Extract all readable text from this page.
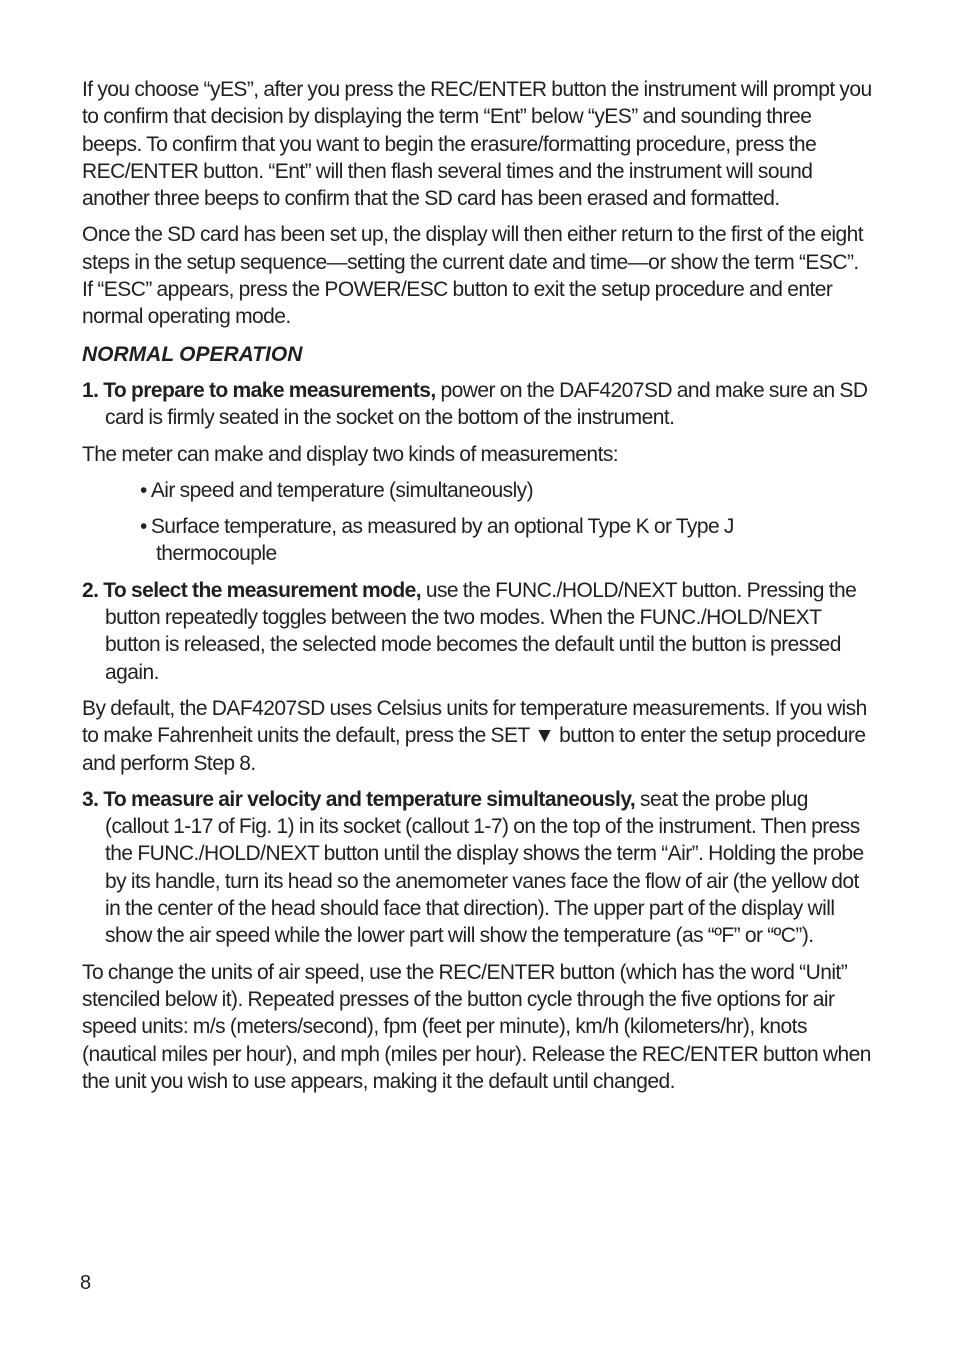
If you choose “yES”, after you press the REC/ENTER button the instrument will prompt you to confirm that decision by displaying the term “Ent” below “yES” and sounding three beeps. To confirm that you want to begin the erasure/formatting procedure, press the REC/ENTER button. “Ent” will then flash several times and the instrument will sound another three beeps to confirm that the SD card has been erased and formatted.

Once the SD card has been set up, the display will then either return to the first of the eight steps in the setup sequence—setting the current date and time—or show the term “ESC”. If “ESC” appears, press the POWER/ESC button to exit the setup procedure and enter normal operating mode.

NORMAL OPERATION

1. To prepare to make measurements, power on the DAF4207SD and make sure an SD card is firmly seated in the socket on the bottom of the instrument.

The meter can make and display two kinds of measurements:

• Air speed and temperature (simultaneously)
• Surface temperature, as measured by an optional Type K or Type J
thermocouple

2. To select the measurement mode, use the FUNC./HOLD/NEXT button. Pressing the button repeatedly toggles between the two modes. When the FUNC./HOLD/NEXT button is released, the selected mode becomes the default until the button is pressed again.

By default, the DAF4207SD uses Celsius units for temperature measurements. If you wish to make Fahrenheit units the default, press the SET ▼ button to enter the setup procedure and perform Step 8.

3. To measure air velocity and temperature simultaneously, seat the probe plug (callout 1-17 of Fig. 1) in its socket (callout 1-7) on the top of the instrument. Then press the FUNC./HOLD/NEXT button until the display shows the term “Air”. Holding the probe by its handle, turn its head so the anemometer vanes face the flow of air (the yellow dot in the center of the head should face that direction). The upper part of the display will show the air speed while the lower part will show the temperature (as “ºF” or “ºC”).

To change the units of air speed, use the REC/ENTER button (which has the word “Unit” stenciled below it). Repeated presses of the button cycle through the five options for air speed units: m/s (meters/second), fpm (feet per minute), km/h (kilometers/hr), knots (nautical miles per hour), and mph (miles per hour). Release the REC/ENTER button when the unit you wish to use appears, making it the default until changed.

8
